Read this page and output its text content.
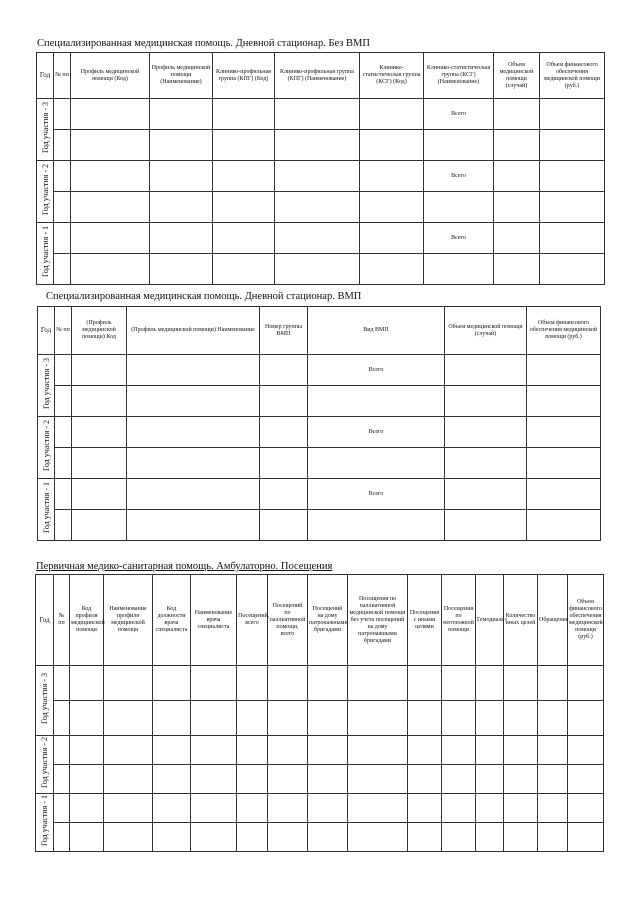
Специализированная медицинская помощь. Дневной стационар. Без ВМП
Год	№ пп	Профиль медицинской помощи (Код)	Профиль медицинской помощи (Наименование)	Клинико-профильная группа (КПГ) (Код)	Клинико-профильная группа (КПГ) (Наименование)	Клинико-статистическая группа (КСГ) (Код)	Клинико-статистическая группа (КСГ) (Наименование)	Объем медицинской помощи (случай)	Объем финансового обеспечения медицинской помощи (руб.)
Год участия - 3							Всего		

Год участия - 2							Всего		

Год участия - 1							Всего		

Специализированная медицинская помощь. Дневной стационар. ВМП
Год	№ пп	(Профиль медицинской помощи) Код	(Профиль медицинской помощи) Наименование	Номер группы ВМП	Вид ВМП	Объем медицинской помощи (случай)	Объем финансового обеспечения медицинской помощи (руб.)
Год участия - 3					Всего		

Год участия - 2					Всего		

Год участия - 1					Всего		

Первичная медико-санитарная помощь. Амбулаторно. Посещения
Год	№ пп	Код профиля медицинской помощи	Наименование профиля медицинской помощи	Код должности врача специалиста	Наименование врача специалиста	Посещений, всего	Посещений по паллиативной помощи, всего	Посещений на дому патронажными бригадами	Посещения по паллиативной медицинской помощи без учета посещений на дому патронажными бригадами	Посещения с иными целями	Посещения по неотложной помощи	Гемодиализ	Количество иных целей	Обращения	Объем финансового обеспечения медицинской помощи (руб.)
Год участия - 3															

Год участия - 2															

Год участия - 1															
